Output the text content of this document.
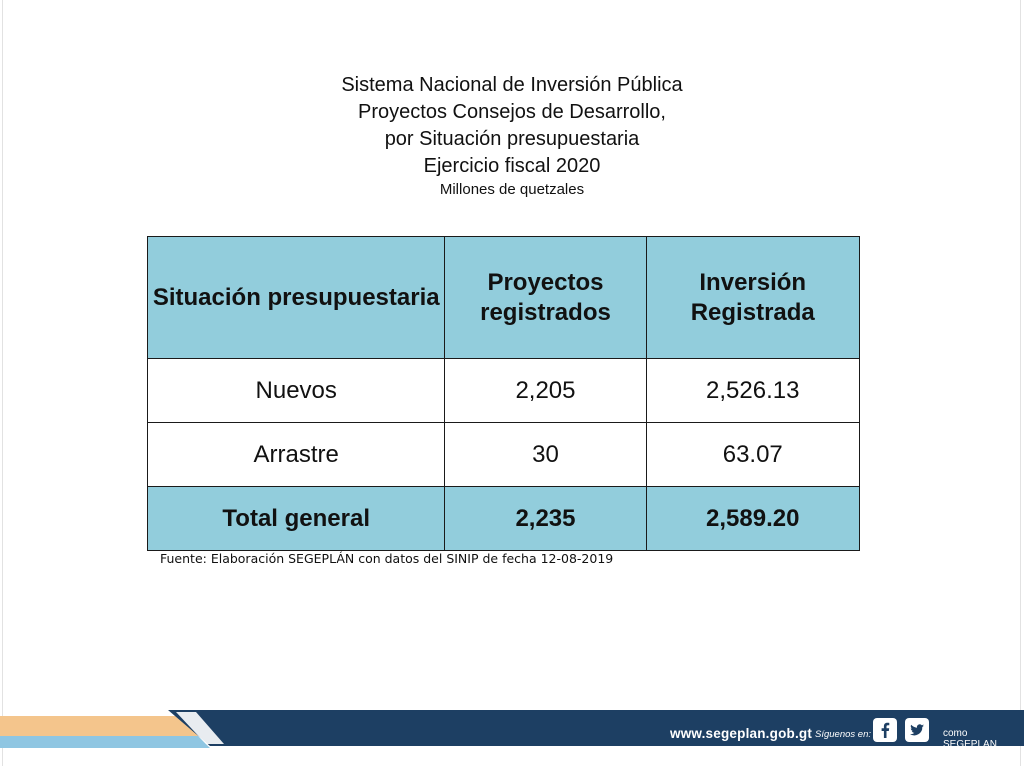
Sistema Nacional de Inversión Pública
Proyectos Consejos de Desarrollo,
por Situación presupuestaria
Ejercicio fiscal 2020
Millones de quetzales
Situación presupuestaria	Proyectos registrados	Inversión Registrada
Nuevos	2,205	2,526.13
Arrastre	30	63.07
Total general	2,235	2,589.20
Fuente: Elaboración SEGEPLÁN con datos del SINIP de fecha 12-08-2019
www.segeplan.gob.gt Síguenos en:	como SEGEPLAN
